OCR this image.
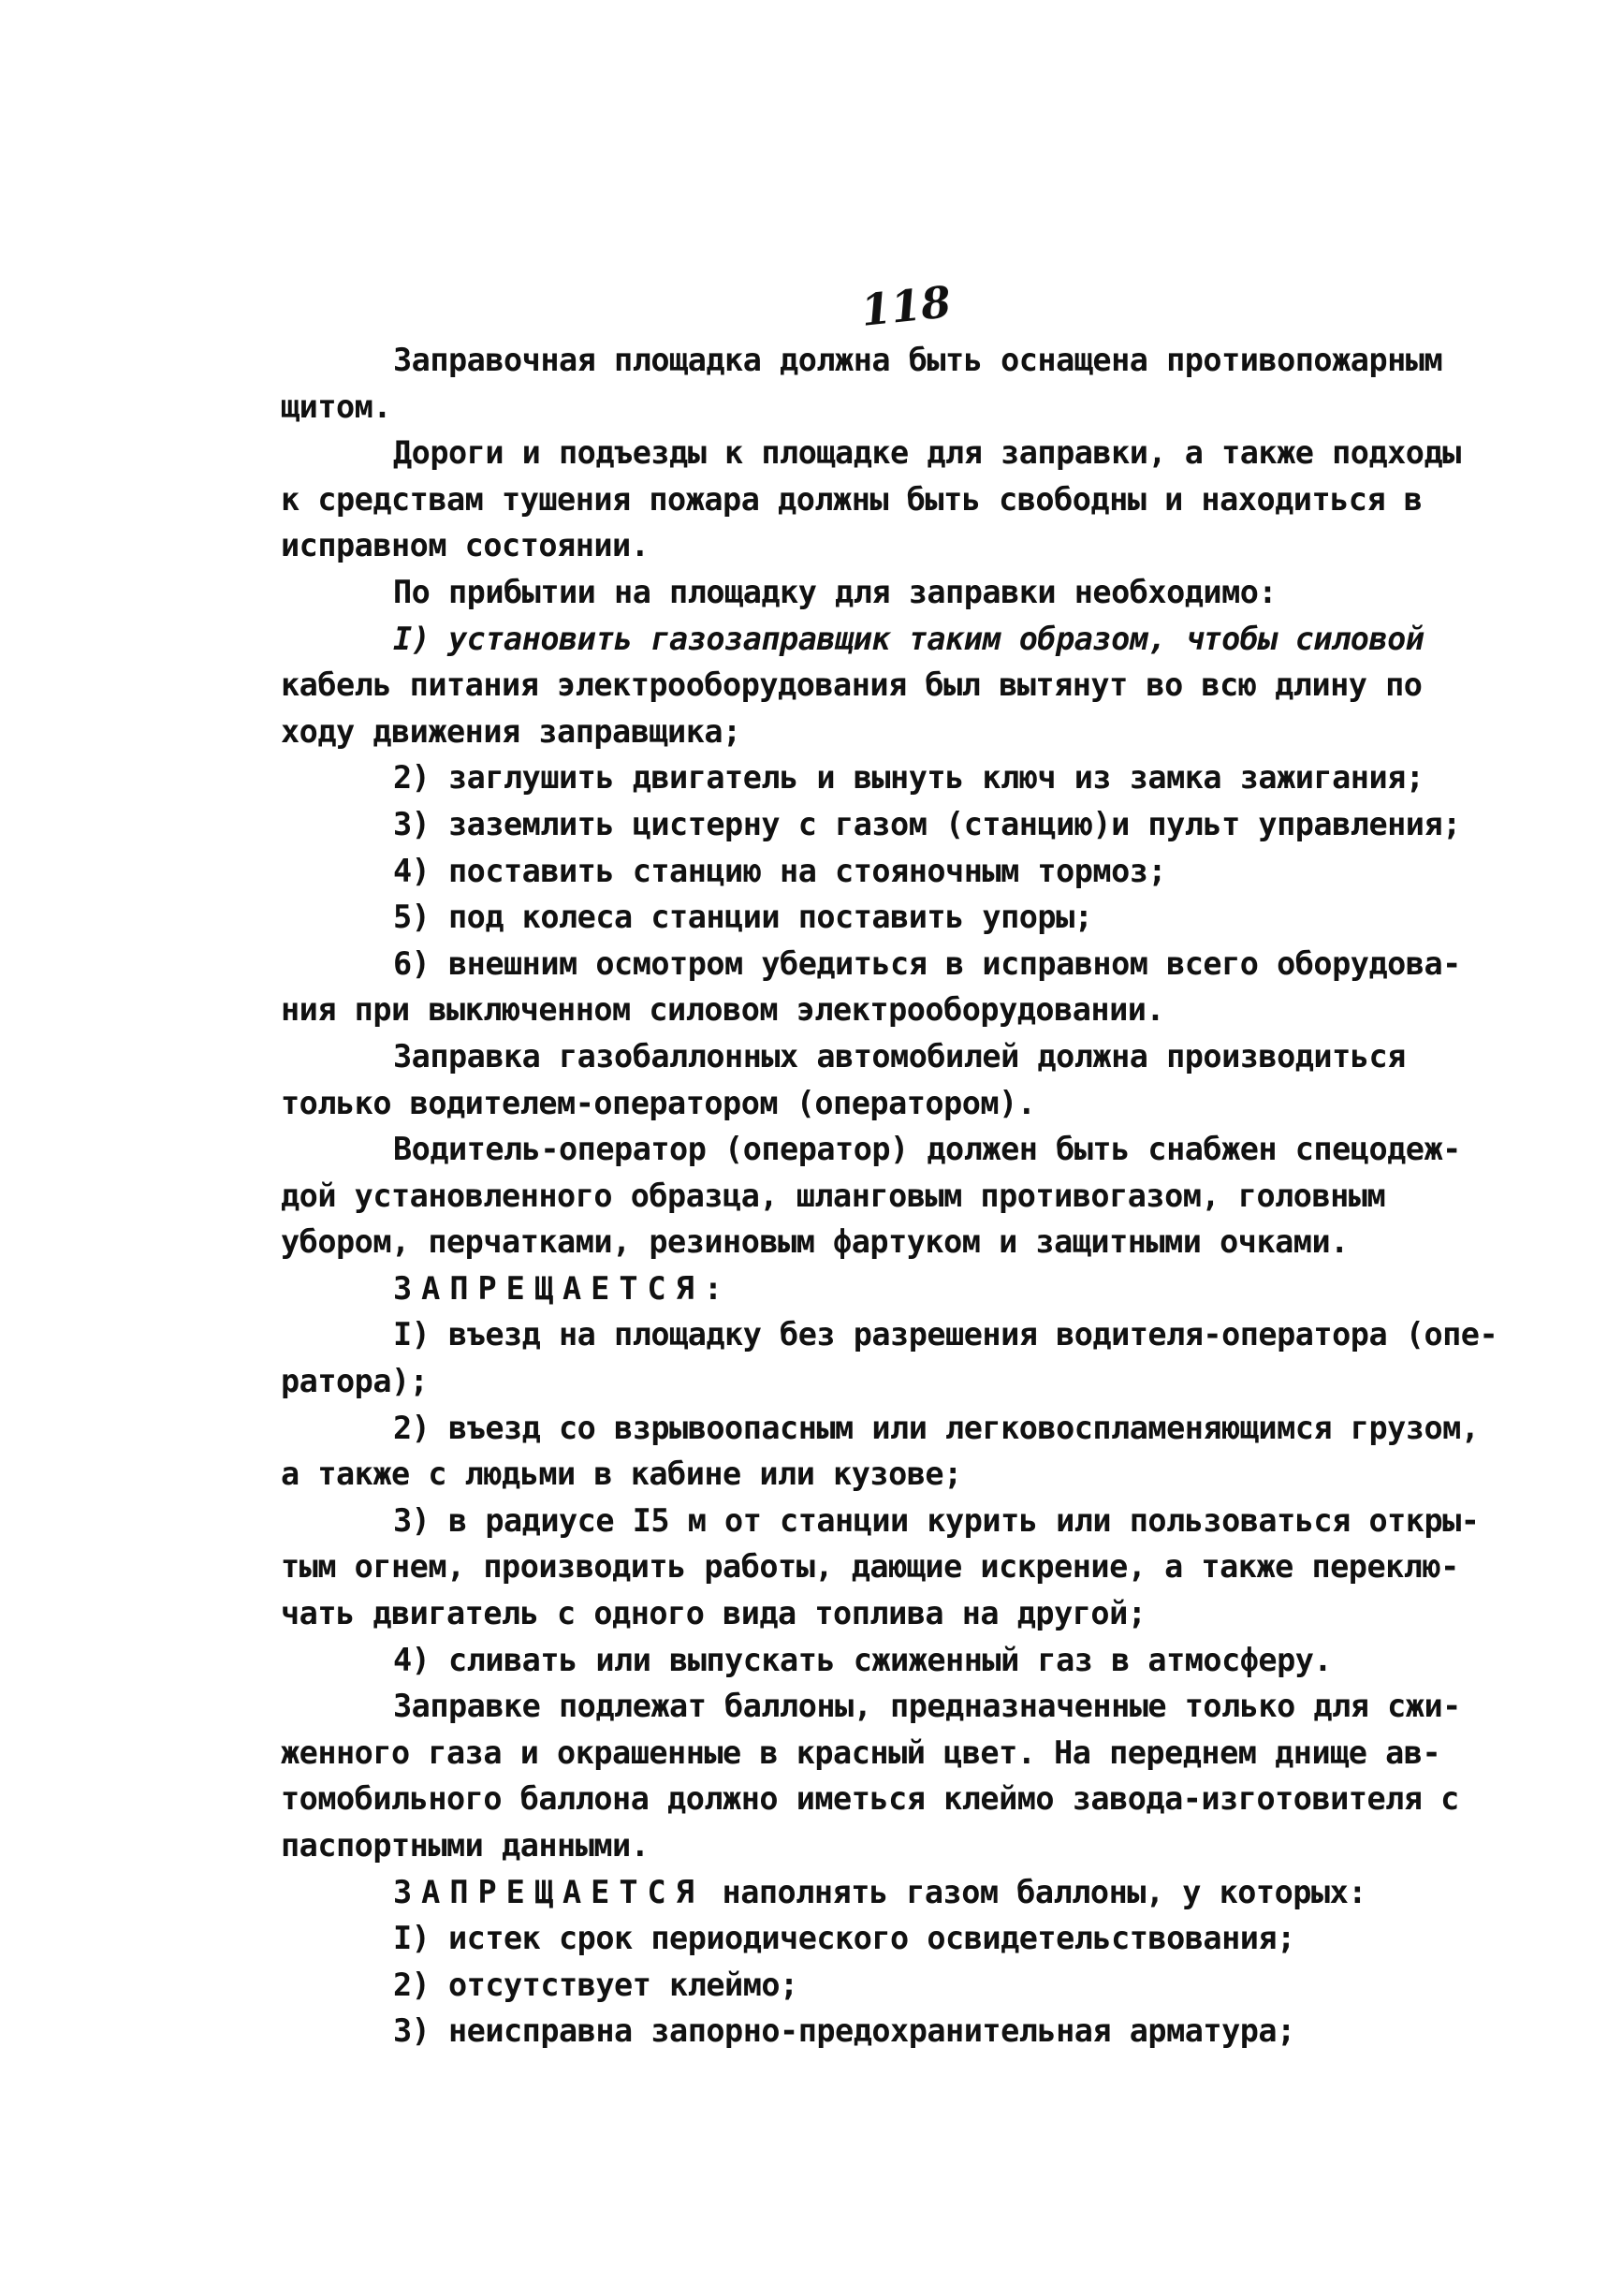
118
Заправочная площадка должна быть оснащена противопожарным
щитом.
Дороги и подъезды к площадке для заправки, а также подходы
к средствам тушения пожара должны быть свободны и находиться в
исправном состоянии.
По прибытии на площадку для заправки необходимо:
I) установить газозаправщик таким образом, чтобы силовой
кабель питания электрооборудования был вытянут во всю длину по
ходу движения заправщика;
2) заглушить двигатель и вынуть ключ из замка зажигания;
3) заземлить цистерну с газом (станцию)и пульт управления;
4) поставить станцию на стояночным тормоз;
5) под колеса станции поставить упоры;
6) внешним осмотром убедиться в исправном всего оборудова-
ния при выключенном силовом электрооборудовании.
Заправка газобаллонных автомобилей должна производиться
только водителем-оператором (оператором).
Водитель-оператор (оператор) должен быть снабжен спецодеж-
дой установленного образца, шланговым противогазом, головным
убором, перчатками, резиновым фартуком и защитными очками.
ЗАПРЕЩАЕТСЯ:
I) въезд на площадку без разрешения водителя-оператора (опе-
ратора);
2) въезд со взрывоопасным или легковоспламеняющимся грузом,
а также с людьми в кабине или кузове;
3) в радиусе I5 м от станции курить или пользоваться откры-
тым огнем, производить работы, дающие искрение, а также переклю-
чать двигатель с одного вида топлива на другой;
4) сливать или выпускать сжиженный газ в атмосферу.
Заправке подлежат баллоны, предназначенные только для сжи-
женного газа и окрашенные в красный цвет. На переднем днище ав-
томобильного баллона должно иметься клеймо завода-изготовителя с
паспортными данными.
ЗАПРЕЩАЕТСЯ наполнять газом баллоны, у которых:
I) истек срок периодического освидетельствования;
2) отсутствует клеймо;
3) неисправна запорно-предохранительная арматура;
